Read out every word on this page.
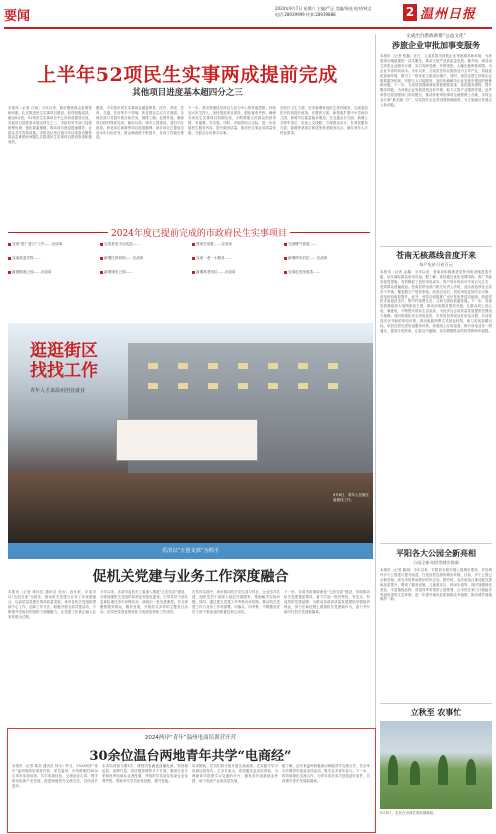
要闻
2024年9月7日 星期六 主编/严正 美编/周逵 校对/林文
电话:28939999 传真:28939888	2 温州日报
上半年52项民生实事两成提前完成
其他项目进度基本超四分之三
本报讯（记者 白翔）今年以来，我市聚焦群众急难愁盼问题，扎实推进民生实事项目建设，取得积极成效。截至6月底，52项民生实事项目中已有两成提前完成，其他项目进度基本超过四分之三。市政府有关部门加强统筹协调，强化要素保障，推动项目建设提速增效，让群众共享发展成果。本报讯记者白翔今年以来我市聚焦群众急难愁盼问题扎实推进民生实事项目建设取得积极成效。
据悉，今年我市民生实事项目涵盖教育、医疗、养老、托育、交通、住房等多个领域，涉及群众生活方方面面。各地各部门对照年度目标任务，倒排工期、挂图作战，确保项目按时保质完成。截至目前，城市公园建设、老旧小区改造、养老床位新增等项目进展顺利，部分项目已提前完成全年目标任务，群众满意度不断提升，各项工作稳步推进。
下一步，我市将继续坚持以人民为中心的发展思想，持续加大民生投入，加快推进项目建设，强化督查考核，确保各项民生实事项目如期完成，不断增强人民群众的获得感、幸福感、安全感。同时，各地将结合实际，进一步拓展民生服务内容，提升服务质量，推动民生事业高质量发展，为群众办好事办实事。
在医疗卫生方面，全市新增家庭医生签约服务，完成基层医疗机构提升改造；在教育方面，新建改扩建中小学和幼儿园，新增学位数量稳步增加；在交通出行方面，新增公共停车泊位，优化公交线路，方便群众出行；在养老服务方面，新增养老床位和居家养老服务站点，满足老年人多样化需求。
2024年度已提前完成的市政府民生实事项目
完成“进厂进门”工作……完成率
完成改造学校……
新建街道公园……完成率
完成老旧小区改造……
新增托育机构……完成率
新建城市公园……
建成充电桩……完成率
完成一老一小服务……
新增养老床位……完成率
完成燃气管道……
新增停车泊位……完成率
完成危旧房改造……
逛逛街区
找找工作
青年人才来温州创业就业
9月6日，青年人在街区逛街找工作。
乐清以“五创支部”为抓手
促机关党建与业务工作深度融合
本报讯（记者 蒋佳佳 通讯员 张贞）近年来，乐清市以“五创支部”为抓手，推动机关党建与业务工作深度融合，以高质量党建引领高质量发展。该市各机关党组织围绕中心工作，创新工作方法，积极开展支部共建活动，不断提升党组织的组织力和凝聚力，让党建工作真正融入业务发展全过程。
今年以来，乐清市直机关工委深入推进“五创支部”建设，全面加强机关党组织标准化规范化建设，引导党员干部在急难险重任务中冲锋在前，涌现出一批先进典型。各支部聚焦服务群众、服务发展，开展形式多样的主题党日活动，切实把党建优势转化为发展优势和工作成效。
在具体实践中，该市推动机关党支部与村社、企业结对共建，组织党员干部深入基层开展服务，帮助解决实际问题。同时，通过建立党建工作考核评价机制，推动机关党建工作与业务工作同部署、同落实、同考核，不断激发党员干部干事创业的积极性和主动性。
下一步，乐清市将继续深化“五创支部”建设，持续推动机关党建提质增效，着力打造一批有特色、有亮点、有成效的党建品牌，为推动乐清高质量发展提供坚强组织保证，努力在新征程上展现机关党建新作为，奋力书写新时代机关党建新篇章。
2024两岸“青年”温州电商培训营开营
30余位温台两地青年共学“电商经”
本报讯（记者 陈浩 通讯员 林为）昨日，2024两岸“青年”温州电商培训营开营，来自温州、台州两地的30余位青年参加培训，共学电商经验，交流创业心得，携手推动电商产业发展，促进两地青年交流交往，共同成长进步。
本次培训营为期5天，课程内容涵盖直播电商、短视频运营、品牌打造、供应链管理等多个方面，邀请行业专家和优秀电商从业者授课，并组织学员前往电商企业参观考察，帮助青年学员拓宽视野、提升技能。
培训期间，学员们将分组开展实战演练，在实践中学习电商运营技巧。主办方表示，希望通过此次培训营，为两地青年搭建学习交流的平台，激发青年创新创业热情，助力电商产业高质量发展。
据了解，近年来温州积极推动两地青年交流合作，先后举办多期青年创业培训活动，吸引众多青年参与。下一步，将持续深化交流合作，为青年成长成才创造更好条件，共同谱写青年发展新篇章。
文成出台新政助推“公益文化”
涉旅企业审批加事变服务
本报讯（记者 张鑫）近日，文成县推出涉旅企业审批服务新举措，为涉旅项目落地提供一站式服务，推动文旅产业高质量发展。据介绍，该县设立涉旅企业服务专窗，实行容缺受理、并联审批，大幅压缩审批时限，为企业节省时间成本。今年以来，文成县坚持以旅游业为主导产业，持续优化营商环境，吸引了一批优质文旅项目落户。同时，该县还建立涉旅企业联系服务机制，安排专人对接服务，及时协调解决企业发展中遇到的困难和问题。下一步，文成县将继续深化审批制度改革，优化服务流程，提升服务效能，为涉旅企业发展营造良好环境，助力文旅产业蓬勃发展。此外该县还将加强部门协同配合，推动涉旅审批事项全流程网上办理，实现企业办事“最多跑一次”，切实提升企业获得感和满意度，为文旅融合发展注入新动能。
苍南无核蒸线音度开来
每户电价可省百元
本报讯（记者 金鑫）今年以来，苍南县积极推进居民用电设施改造升级，切实减轻群众用电负担。据了解，该县通过优化电网结构、推广节能设备等措施，有效降低了居民用电成本，每户每年电价可节省百元左右，受到群众普遍欢迎。苍南县供电部门相关负责人介绍，此次改造涉及全县多个乡镇，覆盖数万户居民家庭。改造完成后，居民用电更加安全可靠，用电体验明显提升。此外，该县还积极推广光伏发电等清洁能源，鼓励居民安装屋顶光伏，既节约电费支出，又助力绿色低碳发展。下一步，苍南县将继续加大电网改造力度，推动用电服务提质升级，让群众用上放心电、满意电，不断提升群众生活品质，为经济社会高质量发展提供坚强电力保障。同时将强化安全用电宣传，引导居民养成良好用电习惯，共同营造安全节能的用电环境，推动能源消费方式绿色转型，助力实现双碳目标。该县还将完善用电服务体系，拓展线上办电渠道，推行用电业务一网通办，提高办电效率，让群众少跑腿，切实增强群众的获得感和幸福感。
平阳各大公园全新亮相
公园全新亮相等城乡焕新
本报讯（记者 陈丽）今年以来，平阳县全面开展公园城市建设，对县域内多个公园进行提升改造，打造宜居宜游的城市环境。目前，多个公园已全新亮相，成为市民休闲娱乐的好去处。据介绍，此次改造注重功能完善和品质提升，增设了健身设施、儿童游乐区、休闲步道等，同时加强绿化美化，丰富植物品种，营造四季有景的公园景观，让市民在家门口就能享受到优美的生态环境，进一步提升城市品质和群众幸福感，推动城乡面貌焕然一新。
立秋至 农事忙
9月6日，农民在田间忙着收割晚稻。
